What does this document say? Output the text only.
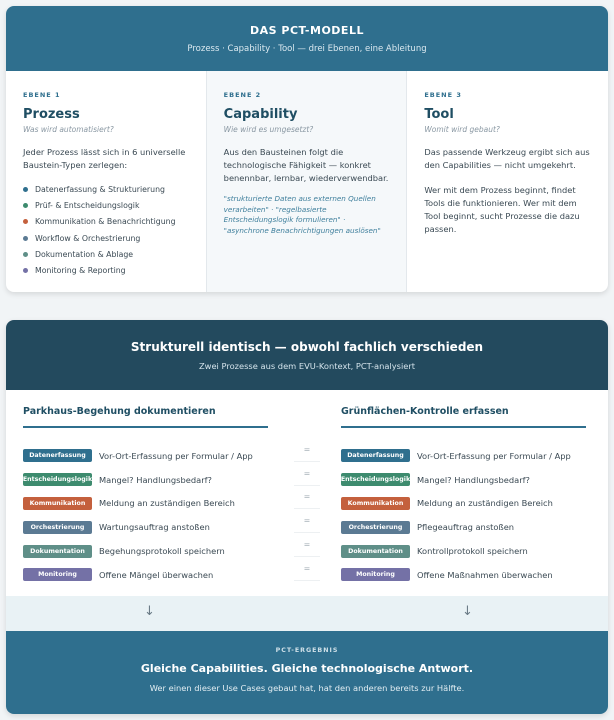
DAS PCT-MODELL
Prozess · Capability · Tool — drei Ebenen, eine Ableitung
EBENE 1
Prozess
Was wird automatisiert?

Jeder Prozess lässt sich in 6 universelle Baustein-Typen zerlegen:

Datenerfassung & Strukturierung
Prüf- & Entscheidungslogik
Kommunikation & Benachrichtigung
Workflow & Orchestrierung
Dokumentation & Ablage
Monitoring & Reporting
EBENE 2
Capability
Wie wird es umgesetzt?

Aus den Bausteinen folgt die technologische Fähigkeit — konkret benennbar, lernbar, wiederverwendbar.

"strukturierte Daten aus externen Quellen verarbeiten" · "regelbasierte Entscheidungslogik formulieren" · "asynchrone Benachrichtigungen auslösen"
EBENE 3
Tool
Womit wird gebaut?

Das passende Werkzeug ergibt sich aus den Capabilities — nicht umgekehrt.

Wer mit dem Prozess beginnt, findet Tools die funktionieren. Wer mit dem Tool beginnt, sucht Prozesse die dazu passen.

Strukturell identisch — obwohl fachlich verschieden
Zwei Prozesse aus dem EVU-Kontext, PCT-analysiert
Parkhaus-Begehung dokumentieren
Datenerfassung	Vor-Ort-Erfassung per Formular / App
Entscheidungslogik Mangel? Handlungsbedarf?
Kommunikation	Meldung an zuständigen Bereich
Orchestrierung	Wartungsauftrag anstoßen
Dokumentation	Begehungsprotokoll speichern
Monitoring	Offene Mängel überwachen
=
=
=
=
=
=
Grünflächen-Kontrolle erfassen
Datenerfassung	Vor-Ort-Erfassung per Formular / App
Entscheidungslogik Mangel? Handlungsbedarf?
Kommunikation	Meldung an zuständigen Bereich
Orchestrierung	Pflegeauftrag anstoßen
Dokumentation	Kontrollprotokoll speichern
Monitoring	Offene Maßnahmen überwachen
↓	↓
PCT-ERGEBNIS
Gleiche Capabilities. Gleiche technologische Antwort.
Wer einen dieser Use Cases gebaut hat, hat den anderen bereits zur Hälfte.
